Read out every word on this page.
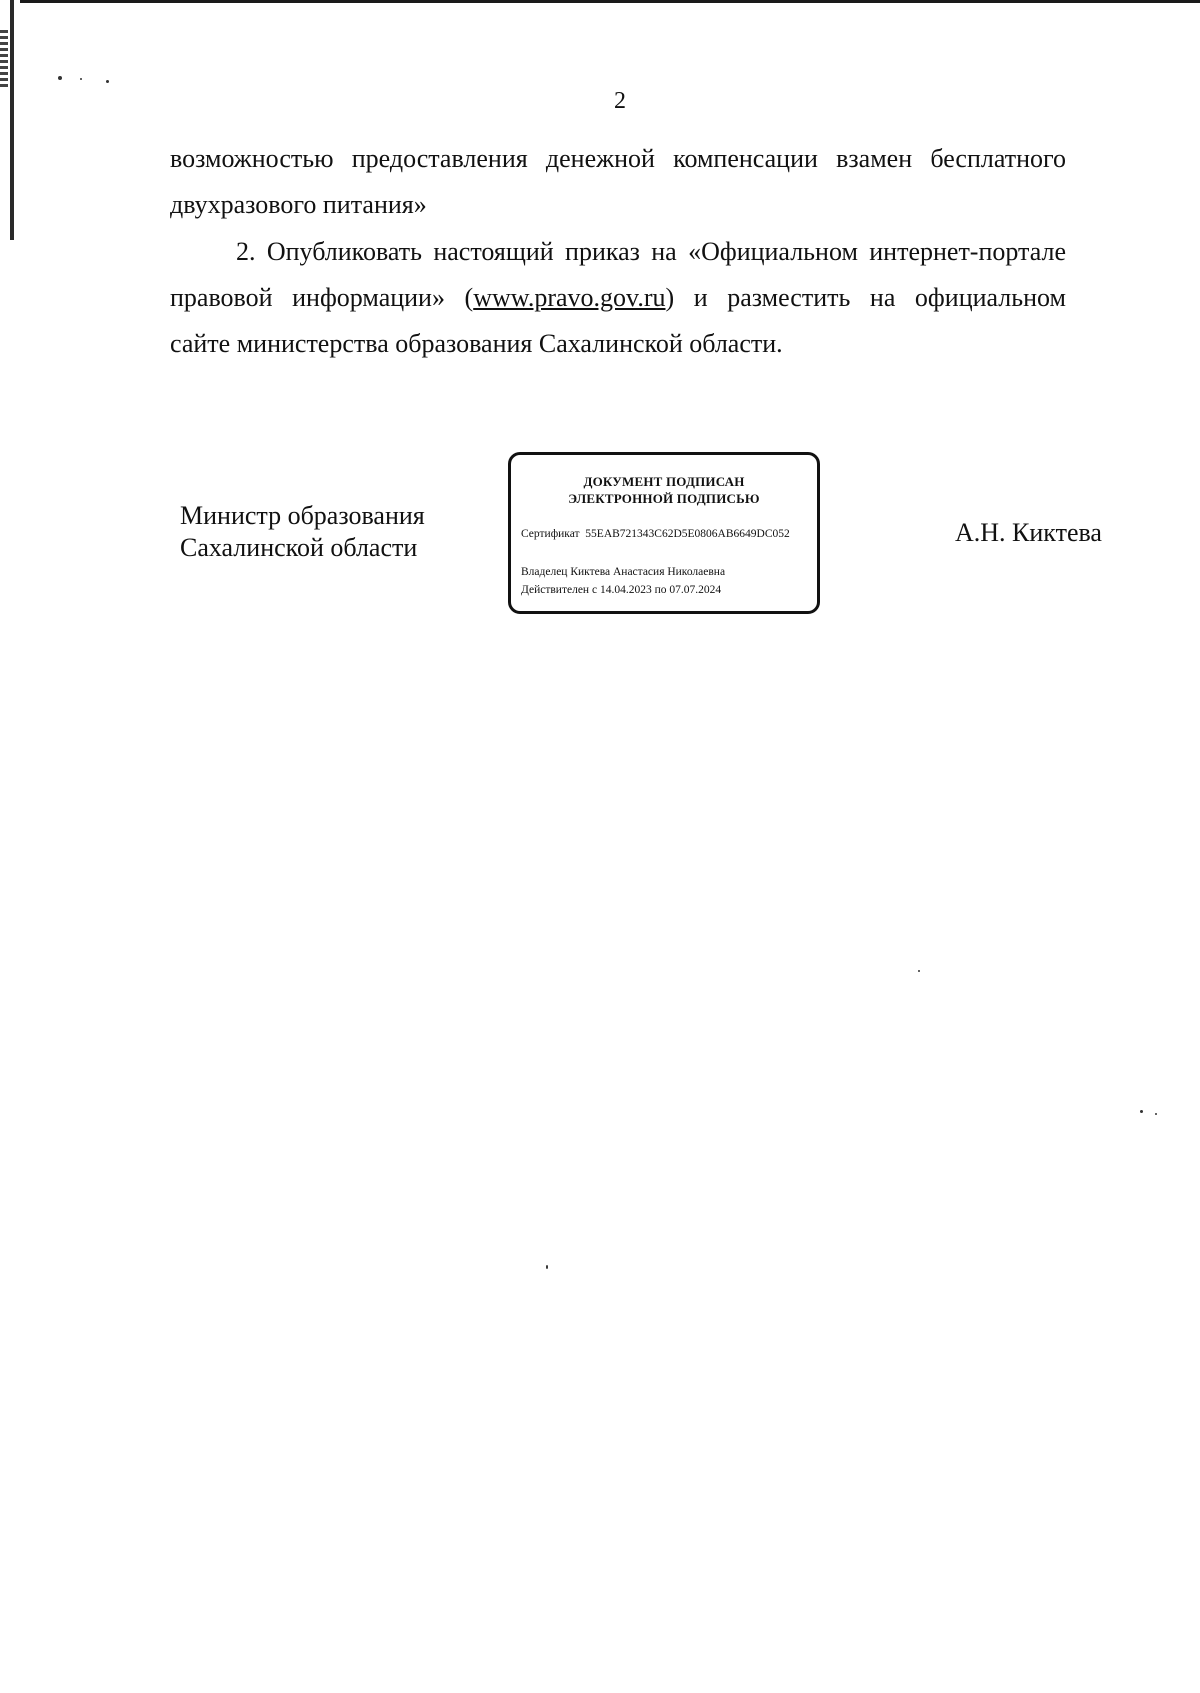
2
возможностью предоставления денежной компенсации взамен бесплатного
двухразового питания»
2. Опубликовать настоящий приказ на «Официальном интернет-портале
правовой информации» (www.pravo.gov.ru) и разместить на официальном
сайте министерства образования Сахалинской области.
Министр образования
Сахалинской области
ДОКУМЕНТ ПОДПИСАН
ЭЛЕКТРОННОЙ ПОДПИСЬЮ
Сертификат 55EAB721343C62D5E0806AB6649DC052
Владелец Киктева Анастасия Николаевна
Действителен с 14.04.2023 по 07.07.2024
А.Н. Киктева
